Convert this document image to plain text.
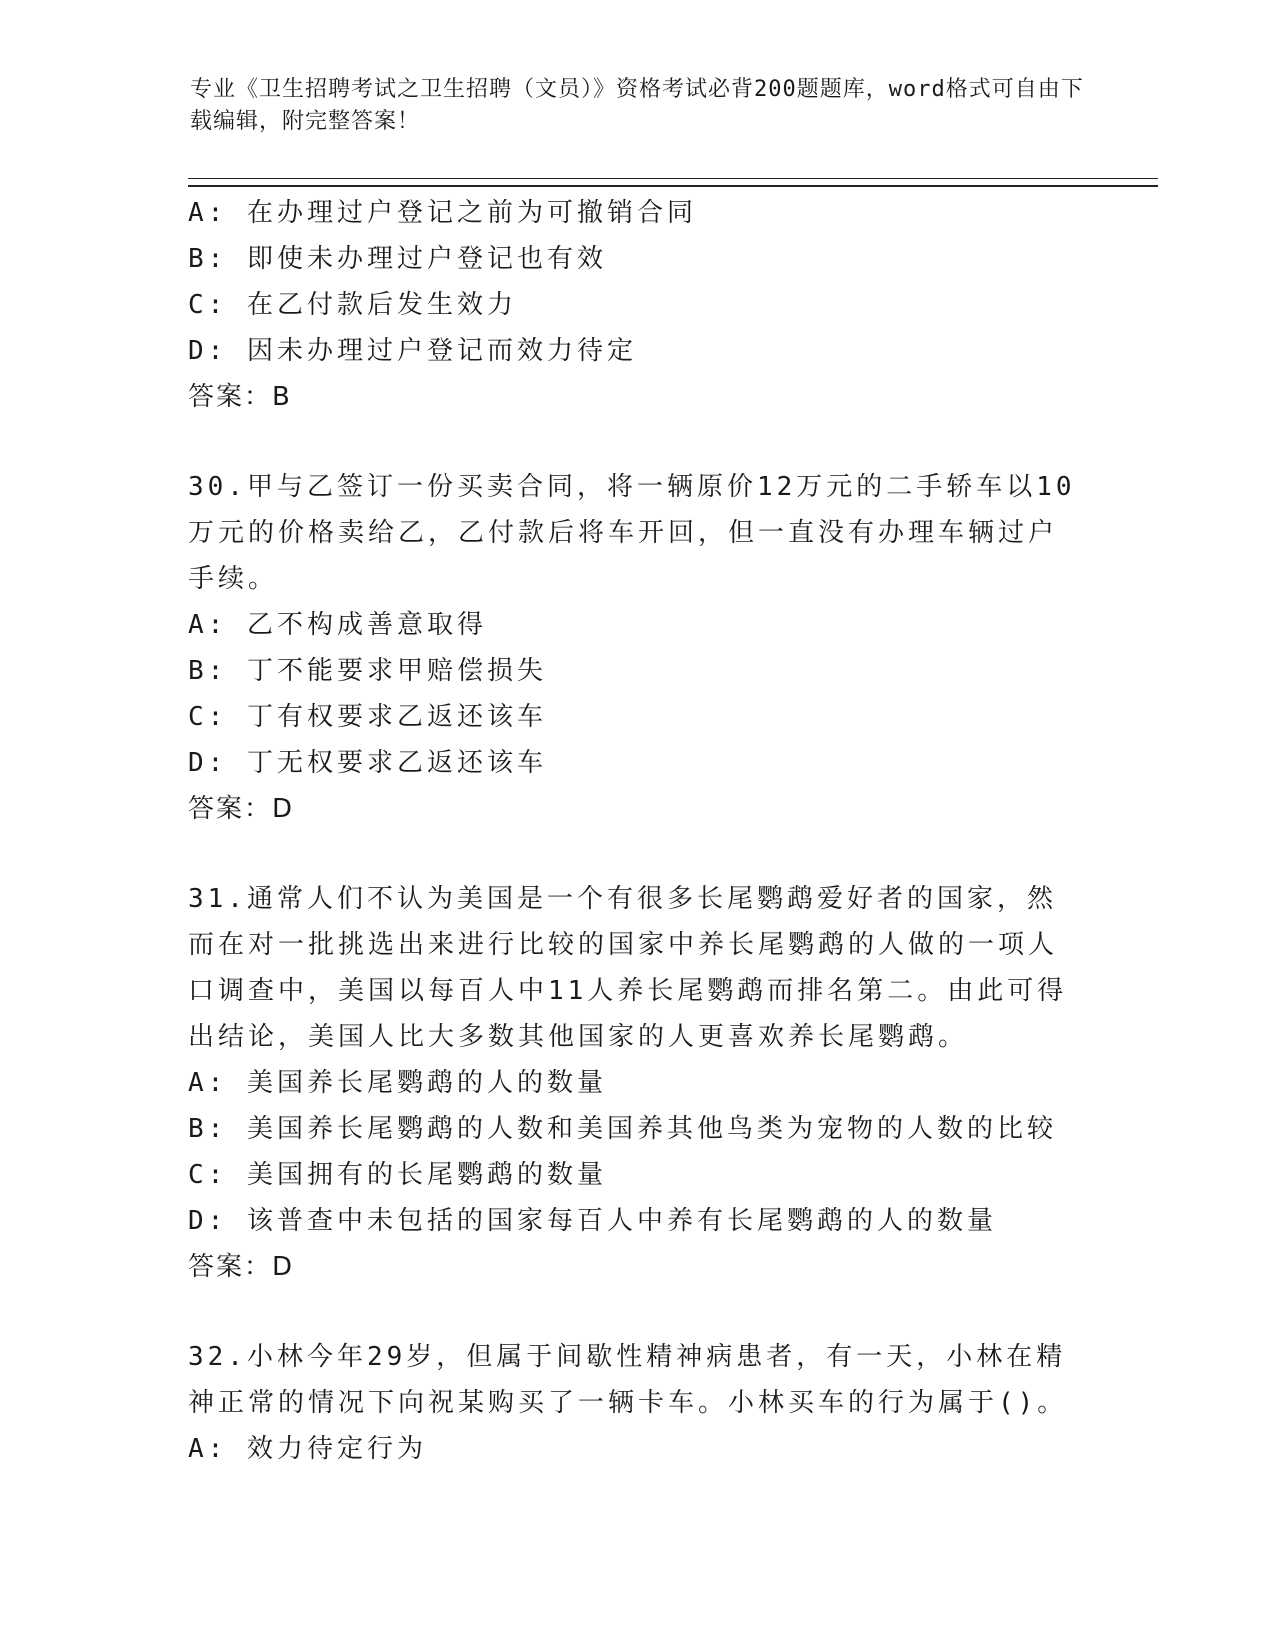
专业《卫生招聘考试之卫生招聘（文员）》资格考试必背200题题库，word格式可自由下载编辑，附完整答案！
A: 在办理过户登记之前为可撤销合同
B: 即使未办理过户登记也有效
C: 在乙付款后发生效力
D: 因未办理过户登记而效力待定
答案：B
30.甲与乙签订一份买卖合同，将一辆原价12万元的二手轿车以10万元的价格卖给乙，乙付款后将车开回，但一直没有办理车辆过户手续。
A: 乙不构成善意取得
B: 丁不能要求甲赔偿损失
C: 丁有权要求乙返还该车
D: 丁无权要求乙返还该车
答案：D
31.通常人们不认为美国是一个有很多长尾鹦鹉爱好者的国家，然而在对一批挑选出来进行比较的国家中养长尾鹦鹉的人做的一项人口调查中，美国以每百人中11人养长尾鹦鹉而排名第二。由此可得出结论，美国人比大多数其他国家的人更喜欢养长尾鹦鹉。
A: 美国养长尾鹦鹉的人的数量
B: 美国养长尾鹦鹉的人数和美国养其他鸟类为宠物的人数的比较
C: 美国拥有的长尾鹦鹉的数量
D: 该普查中未包括的国家每百人中养有长尾鹦鹉的人的数量
答案：D
32.小林今年29岁，但属于间歇性精神病患者，有一天，小林在精神正常的情况下向祝某购买了一辆卡车。小林买车的行为属于()。
A: 效力待定行为
